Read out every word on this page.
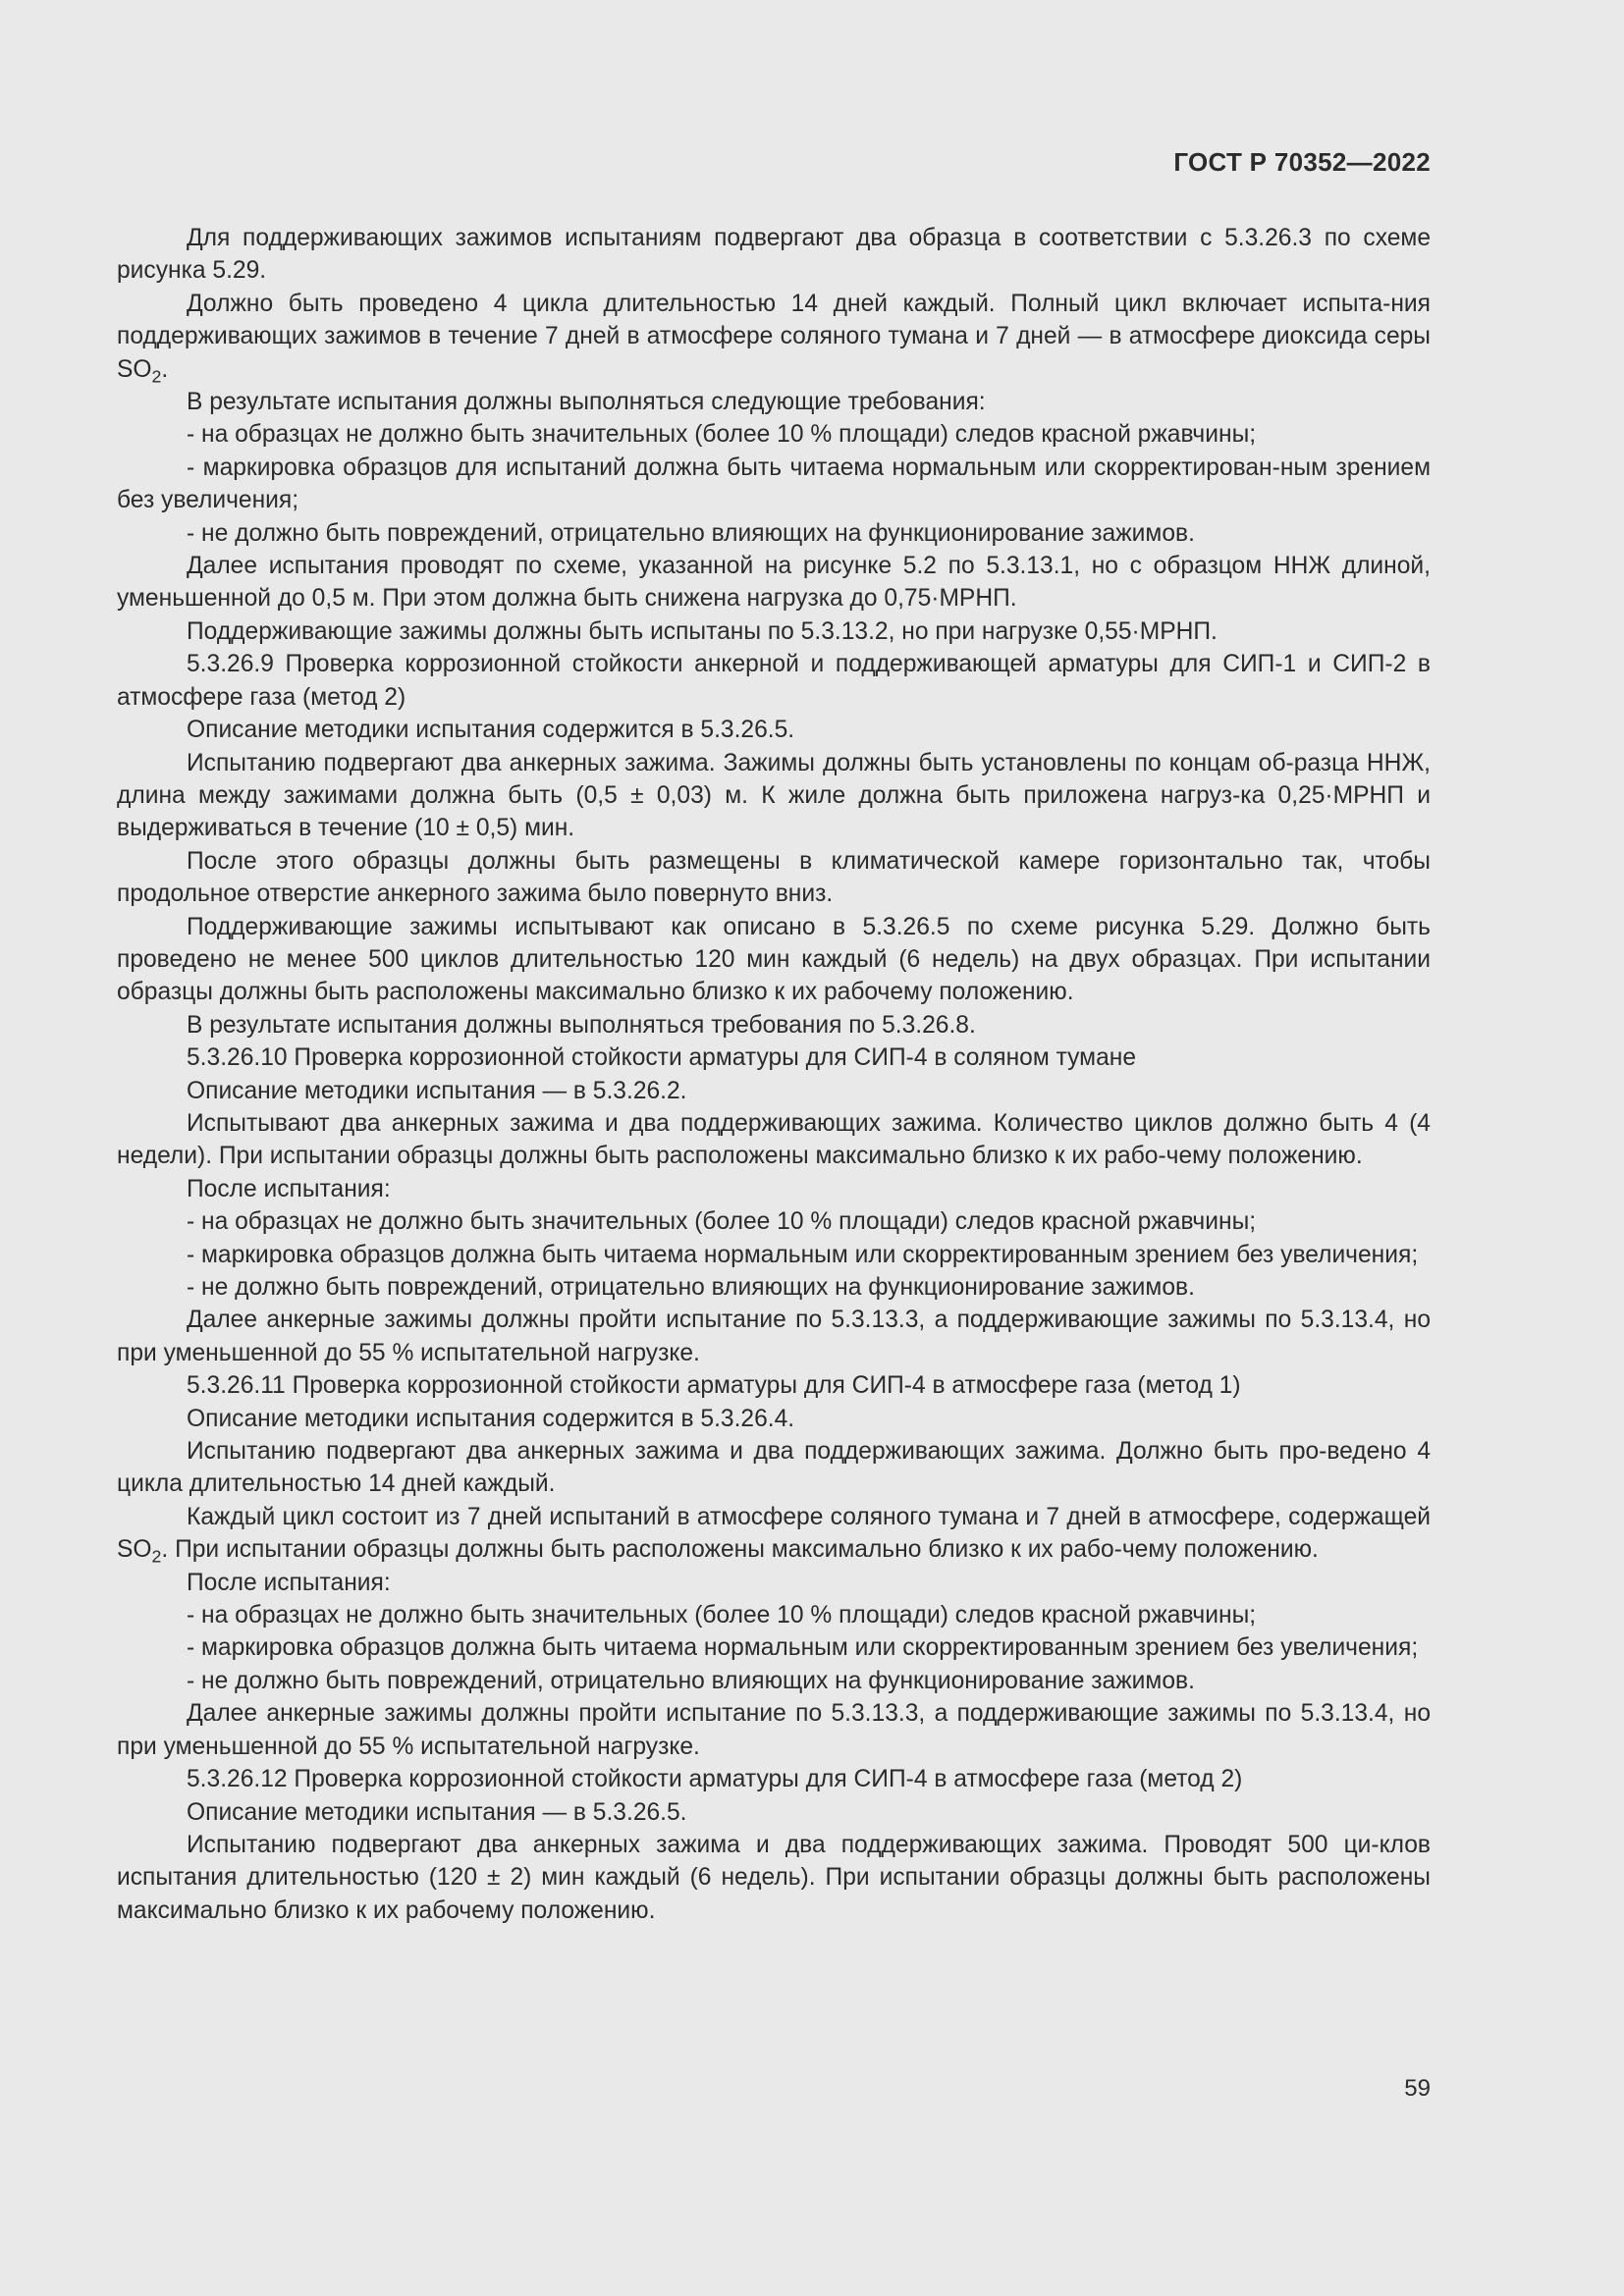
ГОСТ Р 70352—2022

Для поддерживающих зажимов испытаниям подвергают два образца в соответствии с 5.3.26.3 по схеме рисунка 5.29.

Должно быть проведено 4 цикла длительностью 14 дней каждый. Полный цикл включает испыта-ния поддерживающих зажимов в течение 7 дней в атмосфере соляного тумана и 7 дней — в атмосфере диоксида серы $SO_2$.

В результате испытания должны выполняться следующие требования:

- на образцах не должно быть значительных (более 10 % площади) следов красной ржавчины;

- маркировка образцов для испытаний должна быть читаема нормальным или скорректирован-ным зрением без увеличения;

- не должно быть повреждений, отрицательно влияющих на функционирование зажимов.

Далее испытания проводят по схеме, указанной на рисунке 5.2 по 5.3.13.1, но с образцом ННЖ длиной, уменьшенной до 0,5 м. При этом должна быть снижена нагрузка до 0,75·МРНП.

Поддерживающие зажимы должны быть испытаны по 5.3.13.2, но при нагрузке 0,55·МРНП.

5.3.26.9 Проверка коррозионной стойкости анкерной и поддерживающей арматуры для СИП-1 и СИП-2 в атмосфере газа (метод 2)

Описание методики испытания содержится в 5.3.26.5.

Испытанию подвергают два анкерных зажима. Зажимы должны быть установлены по концам об-разца ННЖ, длина между зажимами должна быть (0,5 ± 0,03) м. К жиле должна быть приложена нагруз-ка 0,25·МРНП и выдерживаться в течение (10 ± 0,5) мин.

После этого образцы должны быть размещены в климатической камере горизонтально так, чтобы продольное отверстие анкерного зажима было повернуто вниз.

Поддерживающие зажимы испытывают как описано в 5.3.26.5 по схеме рисунка 5.29. Должно быть проведено не менее 500 циклов длительностью 120 мин каждый (6 недель) на двух образцах. При испытании образцы должны быть расположены максимально близко к их рабочему положению.

В результате испытания должны выполняться требования по 5.3.26.8.

5.3.26.10 Проверка коррозионной стойкости арматуры для СИП-4 в соляном тумане

Описание методики испытания — в 5.3.26.2.

Испытывают два анкерных зажима и два поддерживающих зажима. Количество циклов должно быть 4 (4 недели). При испытании образцы должны быть расположены максимально близко к их рабо-чему положению.

После испытания:

- на образцах не должно быть значительных (более 10 % площади) следов красной ржавчины;

- маркировка образцов должна быть читаема нормальным или скорректированным зрением без увеличения;

- не должно быть повреждений, отрицательно влияющих на функционирование зажимов.

Далее анкерные зажимы должны пройти испытание по 5.3.13.3, а поддерживающие зажимы по 5.3.13.4, но при уменьшенной до 55 % испытательной нагрузке.

5.3.26.11 Проверка коррозионной стойкости арматуры для СИП-4 в атмосфере газа (метод 1)

Описание методики испытания содержится в 5.3.26.4.

Испытанию подвергают два анкерных зажима и два поддерживающих зажима. Должно быть про-ведено 4 цикла длительностью 14 дней каждый.

Каждый цикл состоит из 7 дней испытаний в атмосфере соляного тумана и 7 дней в атмосфере, содержащей $SO_2$. При испытании образцы должны быть расположены максимально близко к их рабо-чему положению.

После испытания:

- на образцах не должно быть значительных (более 10 % площади) следов красной ржавчины;

- маркировка образцов должна быть читаема нормальным или скорректированным зрением без увеличения;

- не должно быть повреждений, отрицательно влияющих на функционирование зажимов.

Далее анкерные зажимы должны пройти испытание по 5.3.13.3, а поддерживающие зажимы по 5.3.13.4, но при уменьшенной до 55 % испытательной нагрузке.

5.3.26.12 Проверка коррозионной стойкости арматуры для СИП-4 в атмосфере газа (метод 2)

Описание методики испытания — в 5.3.26.5.

Испытанию подвергают два анкерных зажима и два поддерживающих зажима. Проводят 500 ци-клов испытания длительностью (120 ± 2) мин каждый (6 недель). При испытании образцы должны быть расположены максимально близко к их рабочему положению.

59
